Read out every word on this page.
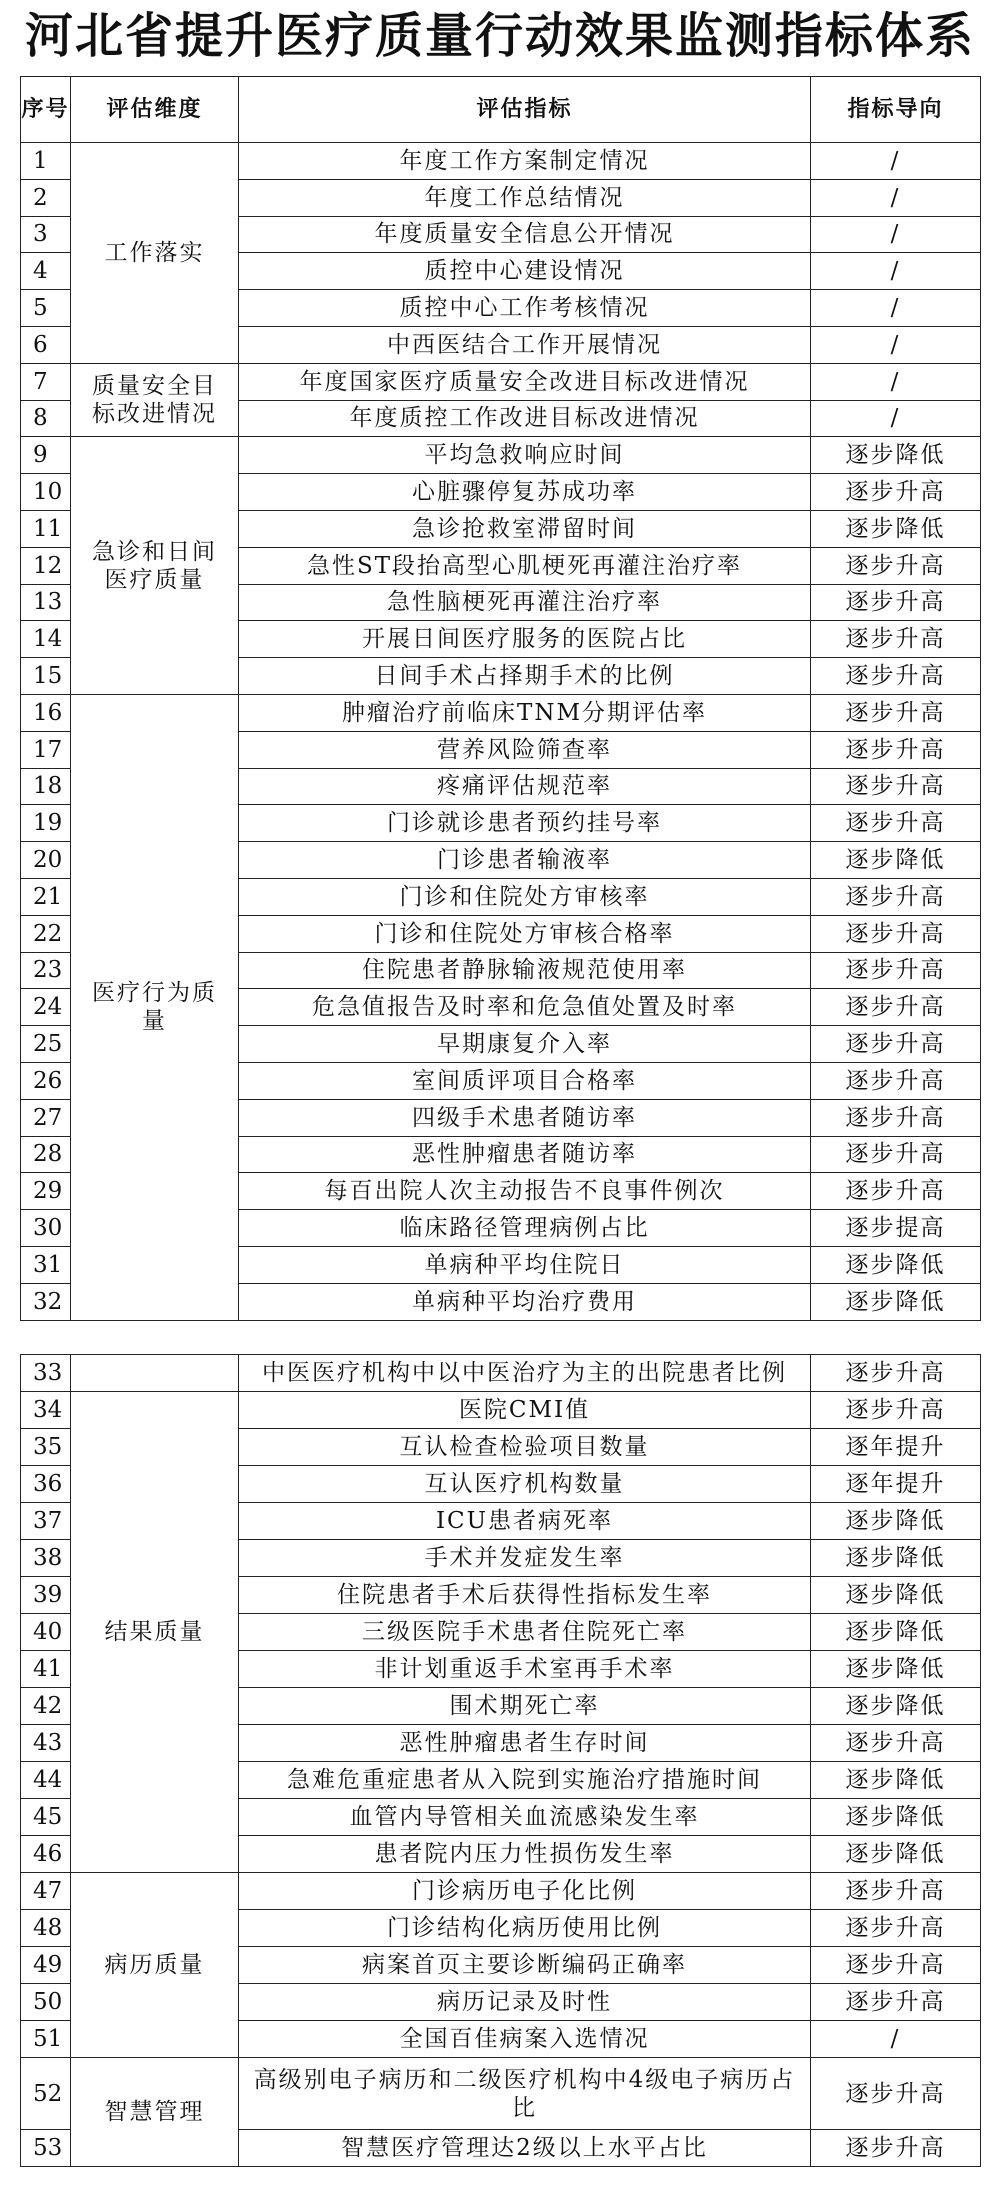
河北省提升医疗质量行动效果监测指标体系
序号	评估维度	评估指标	指标导向
1	工作落实	年度工作方案制定情况	/
2		年度工作总结情况	/
3		年度质量安全信息公开情况	/
4		质控中心建设情况	/
5		质控中心工作考核情况	/
6		中西医结合工作开展情况	/
7	质量安全目标改进情况	年度国家医疗质量安全改进目标改进情况	/
8		年度质控工作改进目标改进情况	/
9	急诊和日间医疗质量	平均急救响应时间	逐步降低
10		心脏骤停复苏成功率	逐步升高
11		急诊抢救室滞留时间	逐步降低
12		急性ST段抬高型心肌梗死再灌注治疗率	逐步升高
13		急性脑梗死再灌注治疗率	逐步升高
14		开展日间医疗服务的医院占比	逐步升高
15		日间手术占择期手术的比例	逐步升高
16	医疗行为质量	肿瘤治疗前临床TNM分期评估率	逐步升高
17		营养风险筛查率	逐步升高
18		疼痛评估规范率	逐步升高
19		门诊就诊患者预约挂号率	逐步升高
20		门诊患者输液率	逐步降低
21		门诊和住院处方审核率	逐步升高
22		门诊和住院处方审核合格率	逐步升高
23		住院患者静脉输液规范使用率	逐步升高
24		危急值报告及时率和危急值处置及时率	逐步升高
25		早期康复介入率	逐步升高
26		室间质评项目合格率	逐步升高
27		四级手术患者随访率	逐步升高
28		恶性肿瘤患者随访率	逐步升高
29		每百出院人次主动报告不良事件例次	逐步升高
30		临床路径管理病例占比	逐步提高
31		单病种平均住院日	逐步降低
32		单病种平均治疗费用	逐步降低
33		中医医疗机构中以中医治疗为主的出院患者比例	逐步升高
34	结果质量	医院CMI值	逐步升高
35		互认检查检验项目数量	逐年提升
36		互认医疗机构数量	逐年提升
37		ICU患者病死率	逐步降低
38		手术并发症发生率	逐步降低
39		住院患者手术后获得性指标发生率	逐步降低
40		三级医院手术患者住院死亡率	逐步降低
41		非计划重返手术室再手术率	逐步降低
42		围术期死亡率	逐步降低
43		恶性肿瘤患者生存时间	逐步升高
44		急难危重症患者从入院到实施治疗措施时间	逐步降低
45		血管内导管相关血流感染发生率	逐步降低
46		患者院内压力性损伤发生率	逐步降低
47	病历质量	门诊病历电子化比例	逐步升高
48		门诊结构化病历使用比例	逐步升高
49		病案首页主要诊断编码正确率	逐步升高
50		病历记录及时性	逐步升高
51		全国百佳病案入选情况	/
52	智慧管理	高级别电子病历和二级医疗机构中4级电子病历占比	逐步升高
53		智慧医疗管理达2级以上水平占比	逐步升高
